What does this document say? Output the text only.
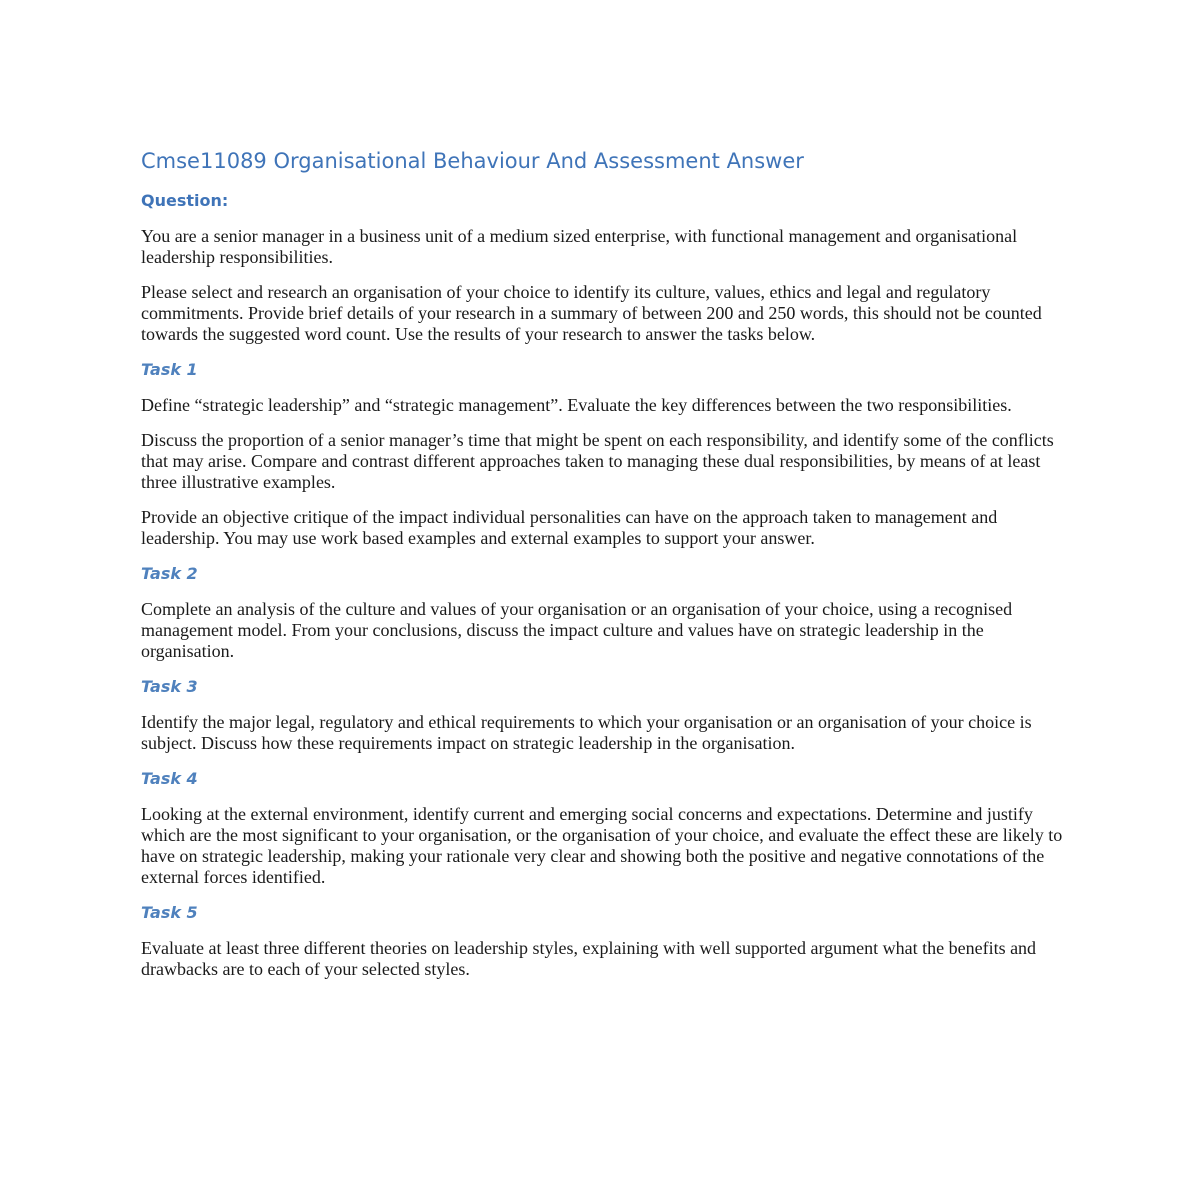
Cmse11089 Organisational Behaviour And Assessment Answer
Question:

You are a senior manager in a business unit of a medium sized enterprise, with functional management and organisational leadership responsibilities.

Please select and research an organisation of your choice to identify its culture, values, ethics and legal and regulatory commitments. Provide brief details of your research in a summary of between 200 and 250 words, this should not be counted towards the suggested word count. Use the results of your research to answer the tasks below.

Task 1

Define “strategic leadership” and “strategic management”. Evaluate the key differences between the two responsibilities.

Discuss the proportion of a senior manager’s time that might be spent on each responsibility, and identify some of the conflicts that may arise. Compare and contrast different approaches taken to managing these dual responsibilities, by means of at least three illustrative examples.

Provide an objective critique of the impact individual personalities can have on the approach taken to management and leadership. You may use work based examples and external examples to support your answer.

Task 2

Complete an analysis of the culture and values of your organisation or an organisation of your choice, using a recognised management model. From your conclusions, discuss the impact culture and values have on strategic leadership in the organisation.

Task 3

Identify the major legal, regulatory and ethical requirements to which your organisation or an organisation of your choice is subject. Discuss how these requirements impact on strategic leadership in the organisation.

Task 4

Looking at the external environment, identify current and emerging social concerns and expectations. Determine and justify which are the most significant to your organisation, or the organisation of your choice, and evaluate the effect these are likely to have on strategic leadership, making your rationale very clear and showing both the positive and negative connotations of the external forces identified.

Task 5

Evaluate at least three different theories on leadership styles, explaining with well supported argument what the benefits and drawbacks are to each of your selected styles.
